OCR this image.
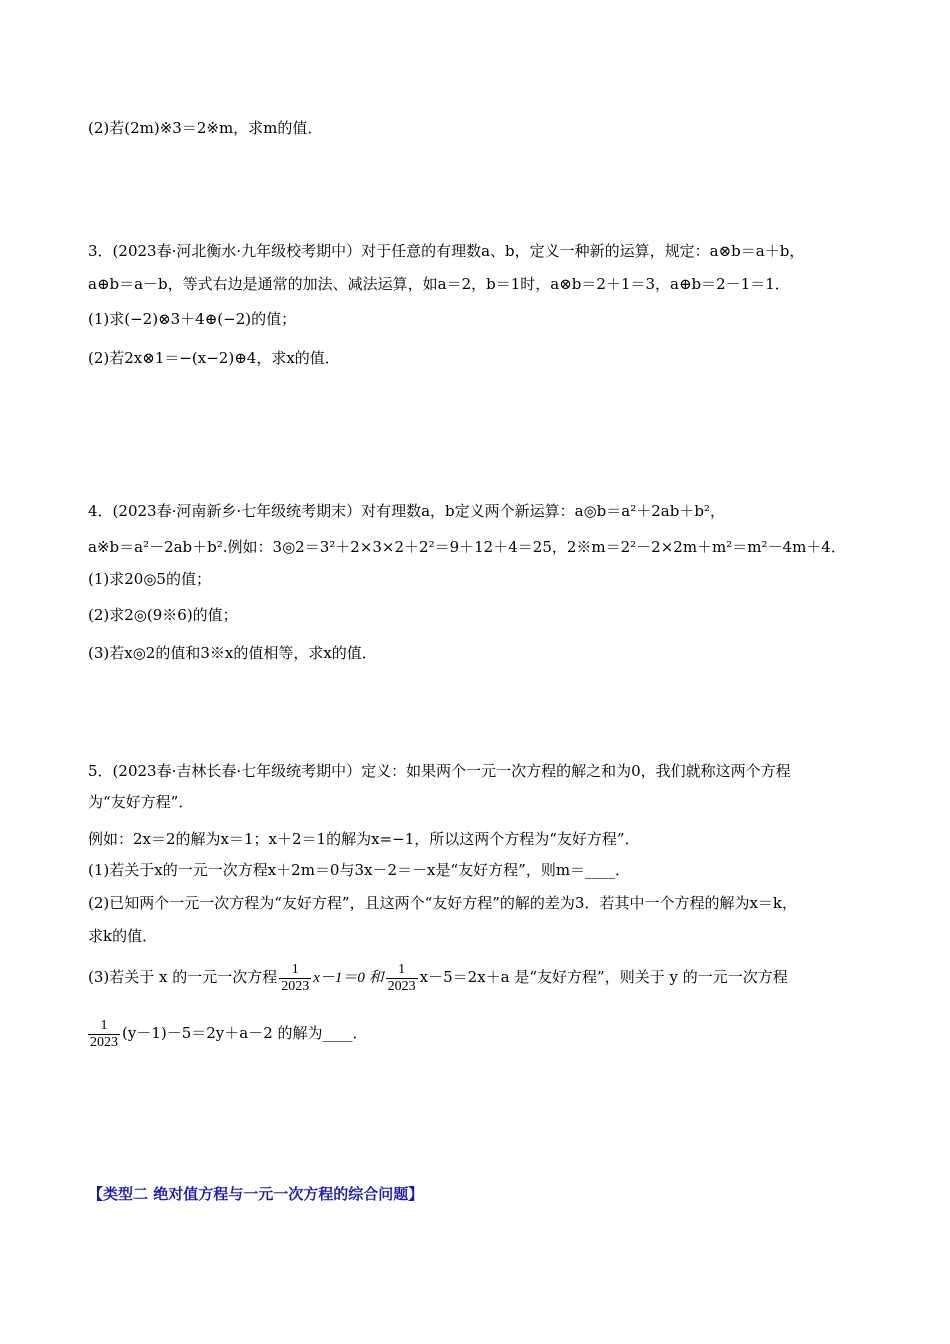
(2)若(2m)※3＝2※m，求m的值．
3．(2023春·河北衡水·九年级校考期中）对于任意的有理数a、b，定义一种新的运算，规定：a⊗b＝a＋b，
a⊕b＝a－b，等式右边是通常的加法、减法运算，如a＝2，b＝1时，a⊗b＝2＋1＝3，a⊕b＝2－1＝1．
(1)求(−2)⊗3＋4⊕(−2)的值；
(2)若2x⊗1＝−(x−2)⊕4，求x的值．
4．(2023春·河南新乡·七年级统考期末）对有理数a，b定义两个新运算：a◎b＝a²＋2ab＋b²，
a※b＝a²－2ab＋b².例如：3◎2＝3²＋2×3×2＋2²＝9＋12＋4＝25，2※m＝2²－2×2m＋m²＝m²－4m＋4．
(1)求20◎5的值；
(2)求2◎(9※6)的值；
(3)若x◎2的值和3※x的值相等，求x的值．
5．(2023春·吉林长春·七年级统考期中）定义：如果两个一元一次方程的解之和为0，我们就称这两个方程
为“友好方程”．
例如：2x＝2的解为x＝1；x＋2＝1的解为x=−1，所以这两个方程为“友好方程”．
(1)若关于x的一元一次方程x＋2m＝0与3x－2＝－x是“友好方程”，则m＝____．
(2)已知两个一元一次方程为“友好方程”，且这两个“友好方程”的解的差为3．若其中一个方程的解为x＝k，
求k的值．
(3)若关于 x 的一元一次方程 $\frac{1}{2023} x-1=0$ 和 $\frac{1}{2023} x-5=2x+a$ 是“友好方程”，则关于 y 的一元一次方程
$\frac{1}{2023} (y-1)-5=2y+a-2$ 的解为____．
【类型二 绝对值方程与一元一次方程的综合问题】
